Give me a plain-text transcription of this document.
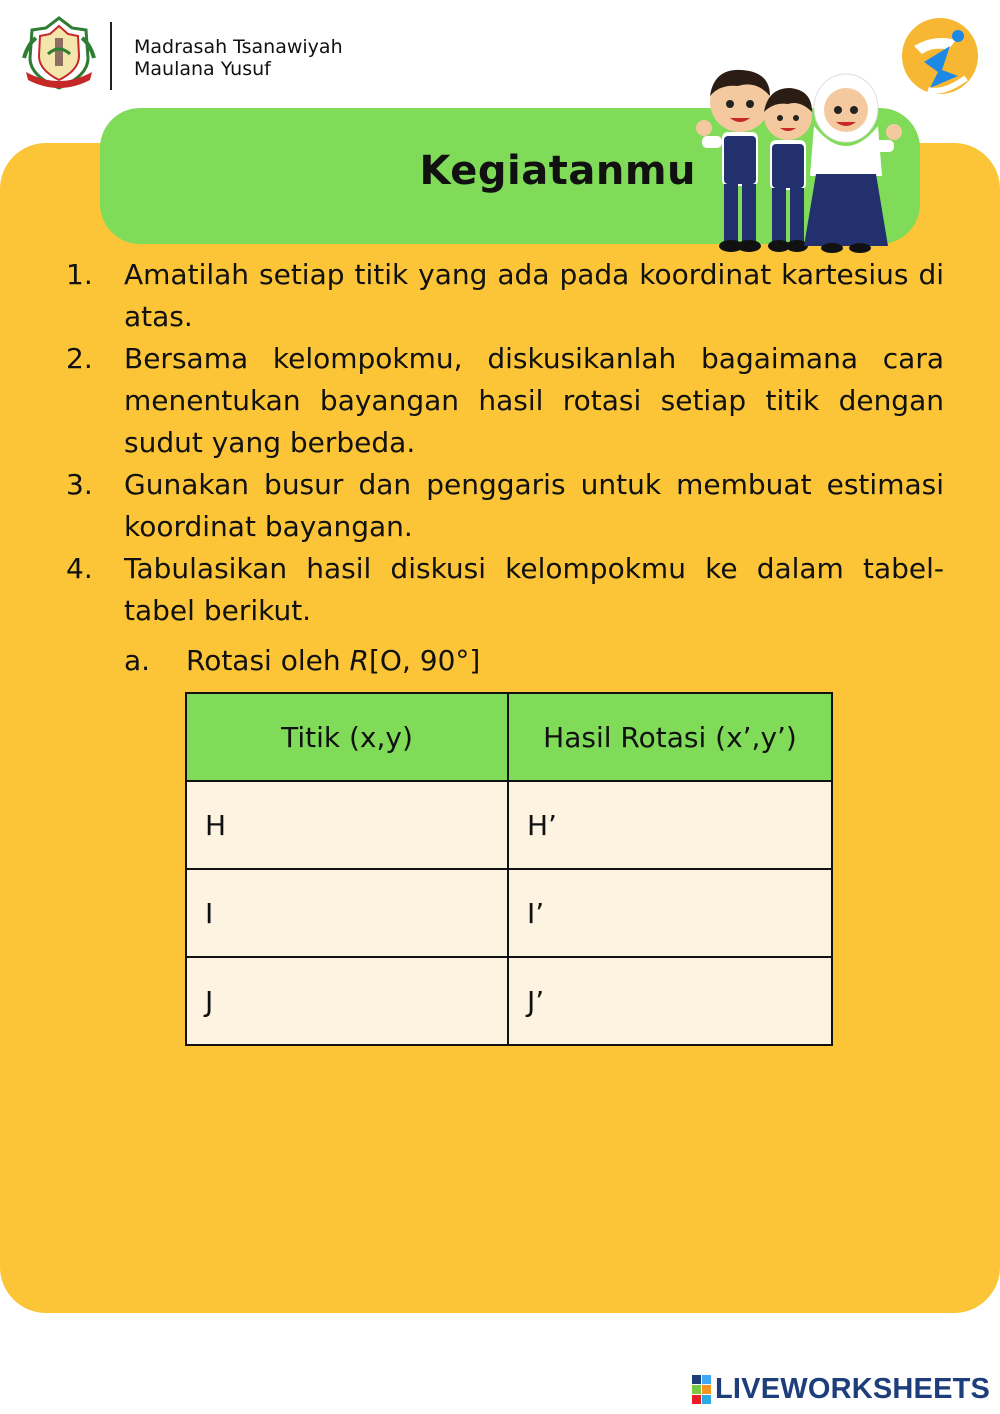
Madrasah Tsanawiyah
Maulana Yusuf
Kegiatanmu
1. Amatilah setiap titik yang ada pada koordinat kartesius di atas.
2. Bersama kelompokmu, diskusikanlah bagaimana cara menentukan bayangan hasil rotasi setiap titik dengan sudut yang berbeda.
3. Gunakan busur dan penggaris untuk membuat estimasi koordinat bayangan.
4. Tabulasikan hasil diskusi kelompokmu ke dalam tabel-tabel berikut.
a. Rotasi oleh R[O, 90°]
Titik (x,y)	Hasil Rotasi (x’,y’)
H	H’
I	I’
J	J’
LIVEWORKSHEETS
